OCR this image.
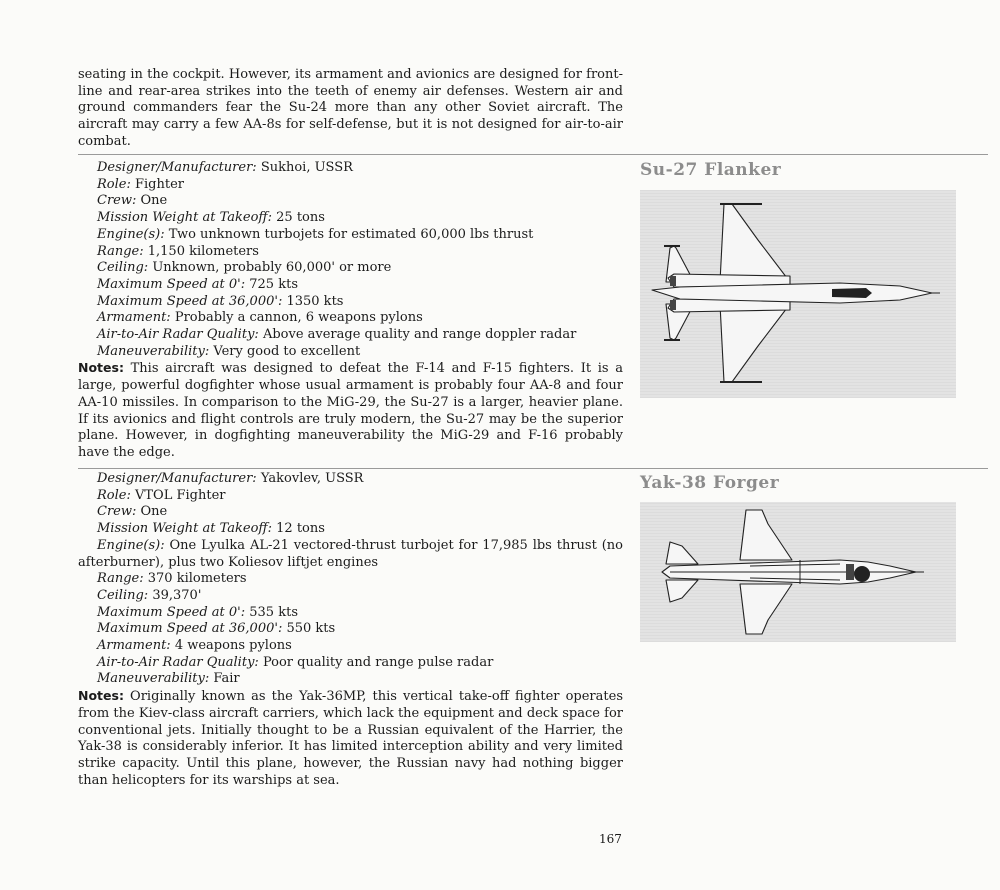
seating in the cockpit. However, its armament and avionics are designed for front-line and rear-area strikes into the teeth of enemy air defenses. Western air and ground commanders fear the Su-24 more than any other Soviet aircraft. The aircraft may carry a few AA-8s for self-defense, but it is not designed for air-to-air combat.

Designer/Manufacturer: Sukhoi, USSR

Role: Fighter

Crew: One

Mission Weight at Takeoff: 25 tons

Engine(s): Two unknown turbojets for estimated 60,000 lbs thrust

Range: 1,150 kilometers

Ceiling: Unknown, probably 60,000' or more

Maximum Speed at 0': 725 kts

Maximum Speed at 36,000': 1350 kts

Armament: Probably a cannon, 6 weapons pylons

Air-to-Air Radar Quality: Above average quality and range doppler radar

Maneuverability: Very good to excellent

Notes: This aircraft was designed to defeat the F-14 and F-15 fighters. It is a large, powerful dogfighter whose usual armament is probably four AA-8 and four AA-10 missiles. In comparison to the MiG-29, the Su-27 is a larger, heavier plane. If its avionics and flight controls are truly modern, the Su-27 may be the superior plane. However, in dogfighting maneuverability the MiG-29 and F-16 probably have the edge.

Su-27 Flanker

Designer/Manufacturer: Yakovlev, USSR

Role: VTOL Fighter

Crew: One

Mission Weight at Takeoff: 12 tons

Engine(s): One Lyulka AL-21 vectored-thrust turbojet for 17,985 lbs thrust (no afterburner), plus two Koliesov liftjet engines

Range: 370 kilometers

Ceiling: 39,370'

Maximum Speed at 0': 535 kts

Maximum Speed at 36,000': 550 kts

Armament: 4 weapons pylons

Air-to-Air Radar Quality: Poor quality and range pulse radar

Maneuverability: Fair

Notes: Originally known as the Yak-36MP, this vertical take-off fighter operates from the Kiev-class aircraft carriers, which lack the equipment and deck space for conventional jets. Initially thought to be a Russian equivalent of the Harrier, the Yak-38 is considerably inferior. It has limited interception ability and very limited strike capacity. Until this plane, however, the Russian navy had nothing bigger than helicopters for its warships at sea.

Yak-38 Forger
167
